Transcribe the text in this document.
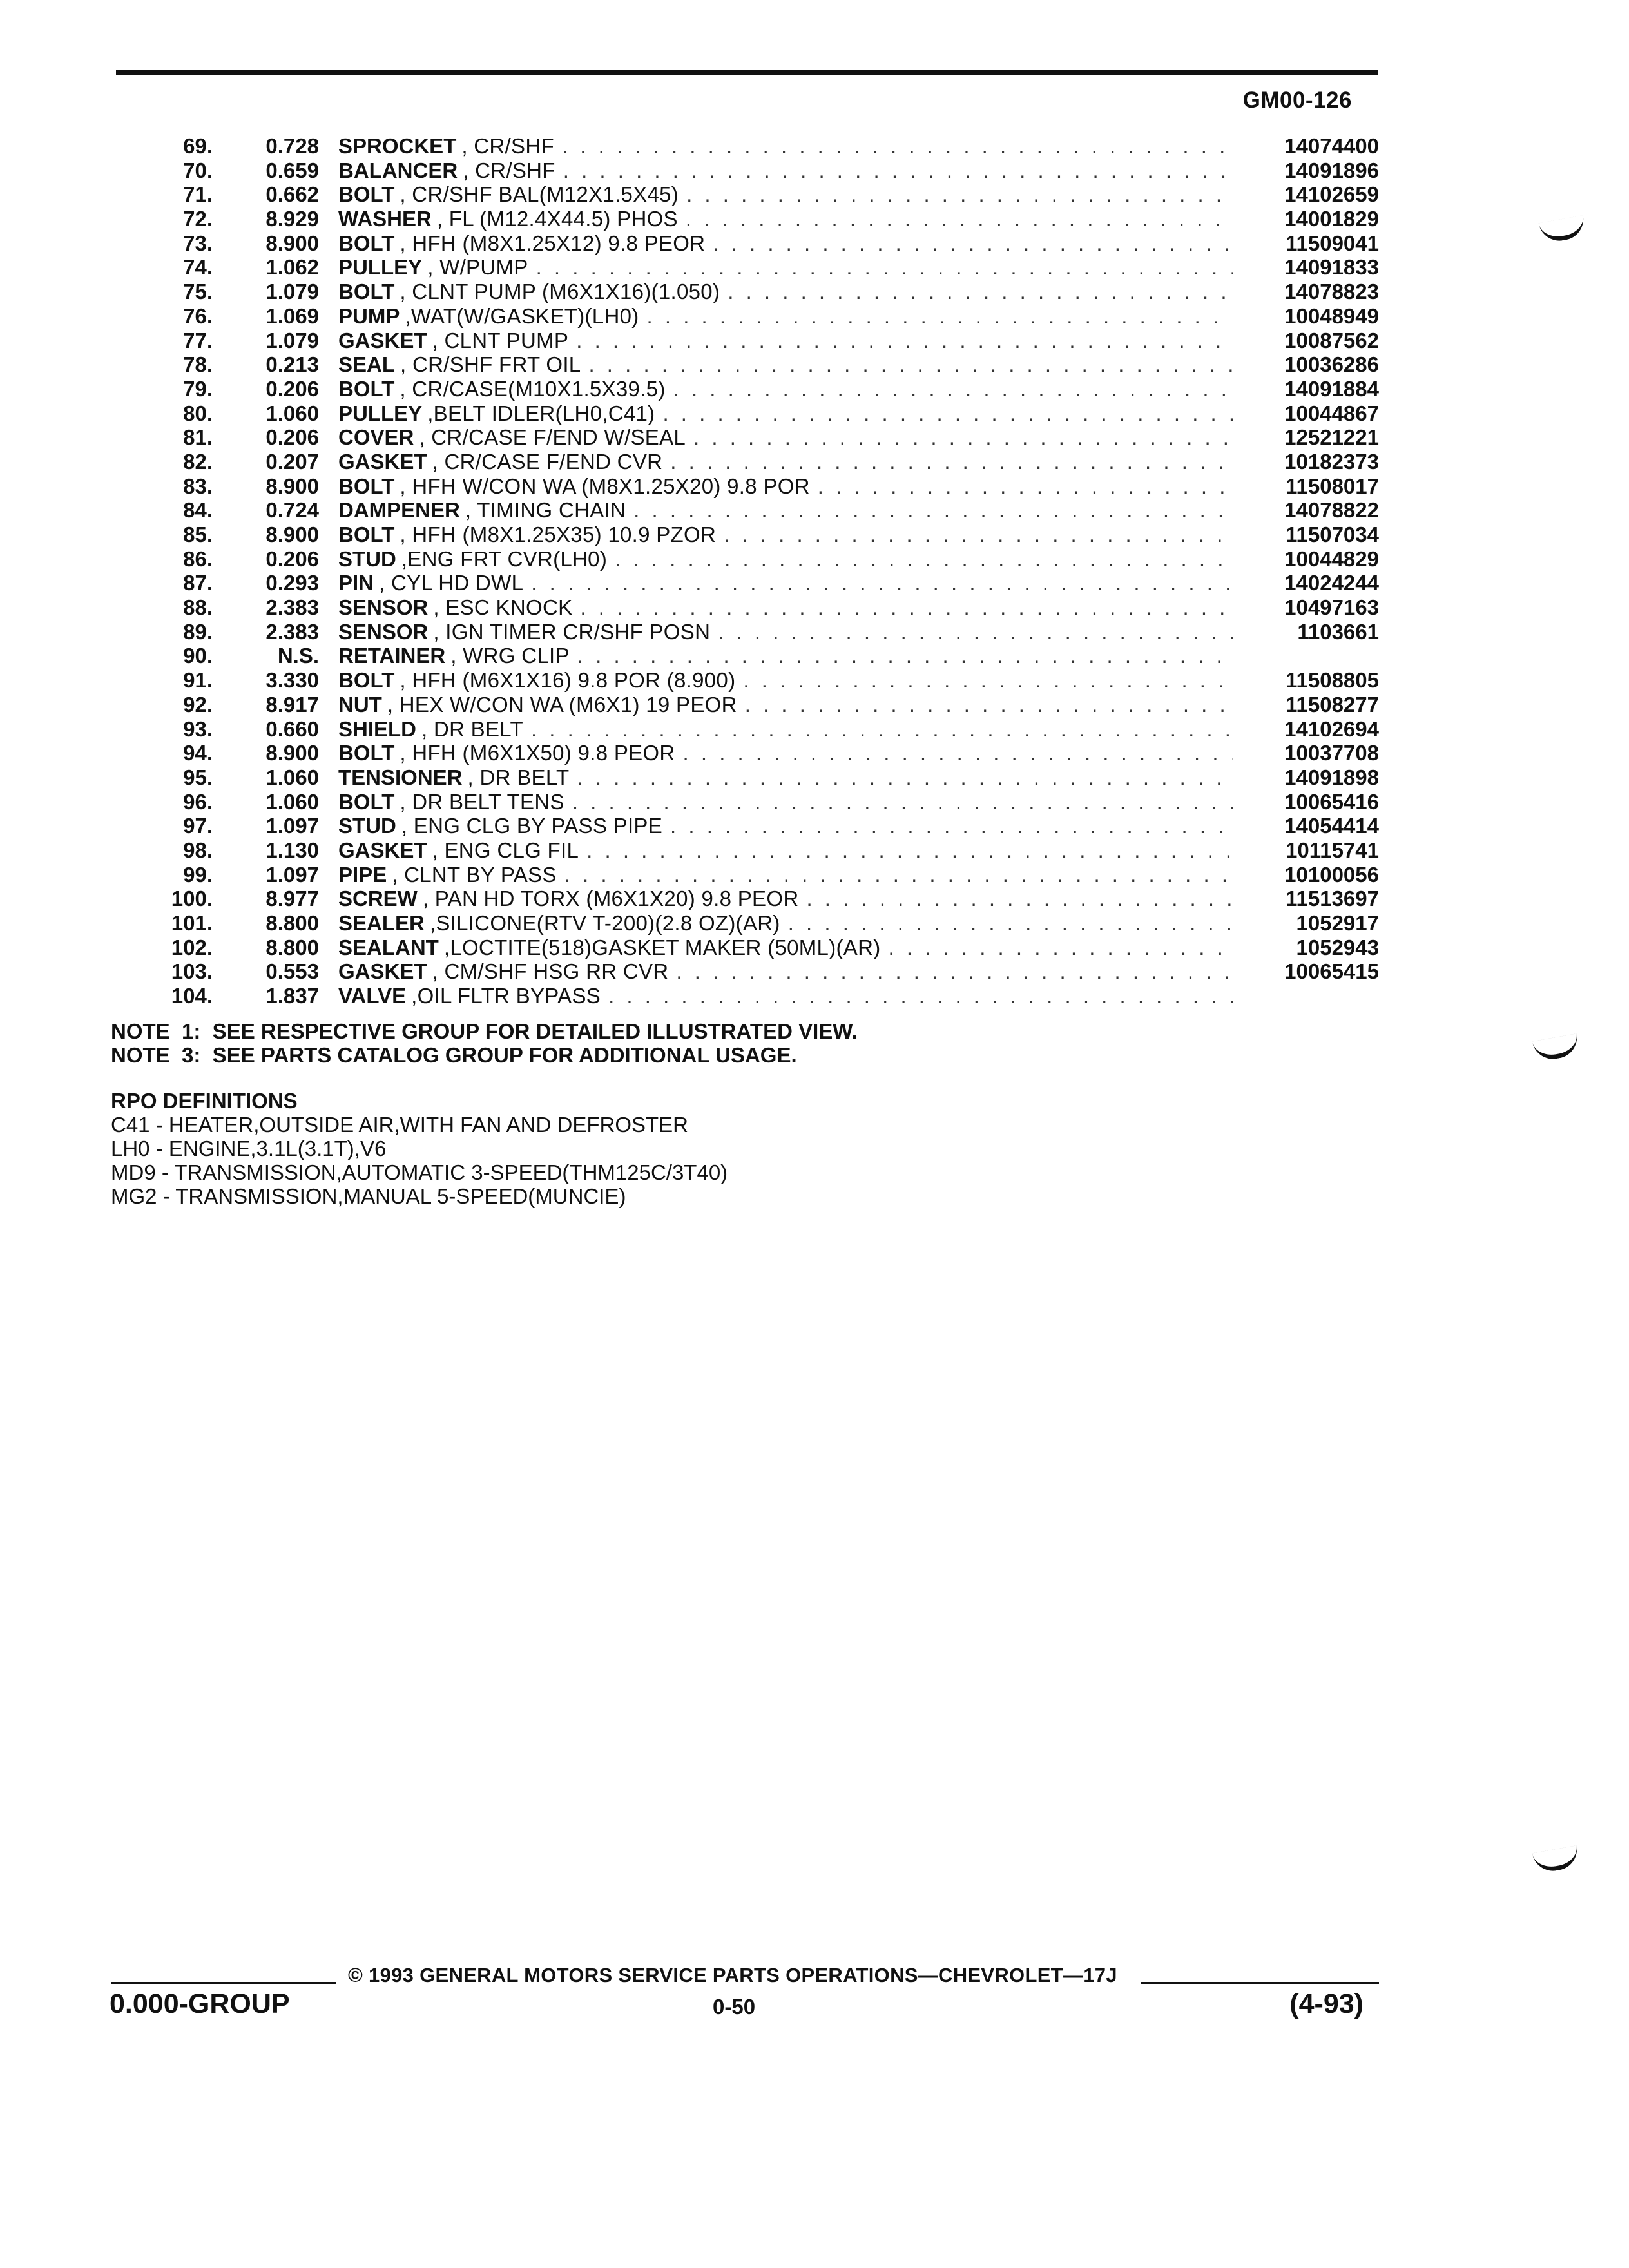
GM00-126
69.	0.728 SPROCKET , CR/SHF . . .	14074400
70.	0.659 BALANCER , CR/SHF . . .	14091896
71.	0.662 BOLT , CR/SHF BAL(M12X1.5X45) . . .	14102659
72.	8.929 WASHER , FL (M12.4X44.5) PHOS . . .	14001829
73.	8.900 BOLT , HFH (M8X1.25X12) 9.8 PEOR . . .	11509041
74.	1.062 PULLEY , W/PUMP . . .	14091833
75.	1.079 BOLT , CLNT PUMP (M6X1X16)(1.050) . . .	14078823
76.	1.069 PUMP ,WAT(W/GASKET)(LH0) . . .	10048949
77.	1.079 GASKET , CLNT PUMP . . .	10087562
78.	0.213 SEAL , CR/SHF FRT OIL . . .	10036286
79.	0.206 BOLT , CR/CASE(M10X1.5X39.5) . . .	14091884
80.	1.060 PULLEY ,BELT IDLER(LH0,C41) . . .	10044867
81.	0.206 COVER , CR/CASE F/END W/SEAL . . .	12521221
82.	0.207 GASKET , CR/CASE F/END CVR . . .	10182373
83.	8.900 BOLT , HFH W/CON WA (M8X1.25X20) 9.8 POR . . .	11508017
84.	0.724 DAMPENER , TIMING CHAIN . . .	14078822
85.	8.900 BOLT , HFH (M8X1.25X35) 10.9 PZOR . . .	11507034
86.	0.206 STUD ,ENG FRT CVR(LH0) . . .	10044829
87.	0.293 PIN , CYL HD DWL . . .	14024244
88.	2.383 SENSOR , ESC KNOCK . . .	10497163
89.	2.383 SENSOR , IGN TIMER CR/SHF POSN . . .	1103661
90.	N.S. RETAINER , WRG CLIP
. . .
91.	3.330 BOLT , HFH (M6X1X16) 9.8 POR (8.900) . . .	11508805
92.	8.917 NUT , HEX W/CON WA (M6X1) 19 PEOR . . .	11508277
93.	0.660 SHIELD , DR BELT . . .	14102694
94.	8.900 BOLT , HFH (M6X1X50) 9.8 PEOR . . .	10037708
95.	1.060 TENSIONER , DR BELT . . .	14091898
96.	1.060 BOLT , DR BELT TENS . . .	10065416
97.	1.097 STUD , ENG CLG BY PASS PIPE . . .	14054414
98.	1.130 GASKET , ENG CLG FIL . . .	10115741
99.	1.097 PIPE , CLNT BY PASS . . .	10100056
100.	8.977 SCREW , PAN HD TORX (M6X1X20) 9.8 PEOR . . .	11513697
101.	8.800 SEALER ,SILICONE(RTV T-200)(2.8 OZ)(AR) . . .	1052917
102.	8.800 SEALANT ,LOCTITE(518)GASKET MAKER (50ML)(AR) . . .	1052943
103.	0.553 GASKET , CM/SHF HSG RR CVR . . .	10065415
104.	1.837 VALVE ,OIL FLTR BYPASS
. . .
NOTE  1:  SEE RESPECTIVE GROUP FOR DETAILED ILLUSTRATED VIEW.
NOTE  3:  SEE PARTS CATALOG GROUP FOR ADDITIONAL USAGE.
RPO DEFINITIONS
C41 - HEATER,OUTSIDE AIR,WITH FAN AND DEFROSTER
LH0 - ENGINE,3.1L(3.1T),V6
MD9 - TRANSMISSION,AUTOMATIC 3-SPEED(THM125C/3T40)
MG2 - TRANSMISSION,MANUAL 5-SPEED(MUNCIE)
© 1993 GENERAL MOTORS SERVICE PARTS OPERATIONS—CHEVROLET—17J
0.000-GROUP	0-50	(4-93)
